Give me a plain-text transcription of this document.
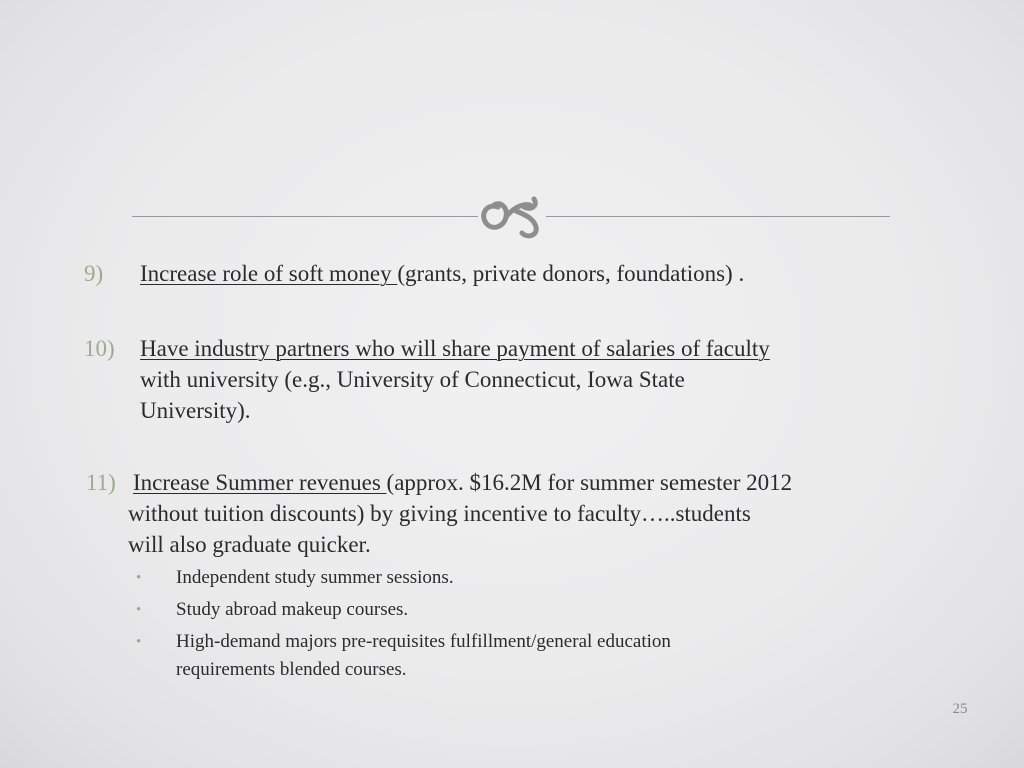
9) Increase role of soft money (grants, private donors, foundations) .
10) Have industry partners who will share payment of salaries of faculty
with university (e.g., University of Connecticut, Iowa State
University).
11) Increase Summer revenues (approx. $16.2M for summer semester 2012
without tuition discounts) by giving incentive to faculty…..students
will also graduate quicker.
• Independent study summer sessions.
• Study abroad makeup courses.
• High-demand majors pre-requisites fulfillment/general education
requirements blended courses.
25
